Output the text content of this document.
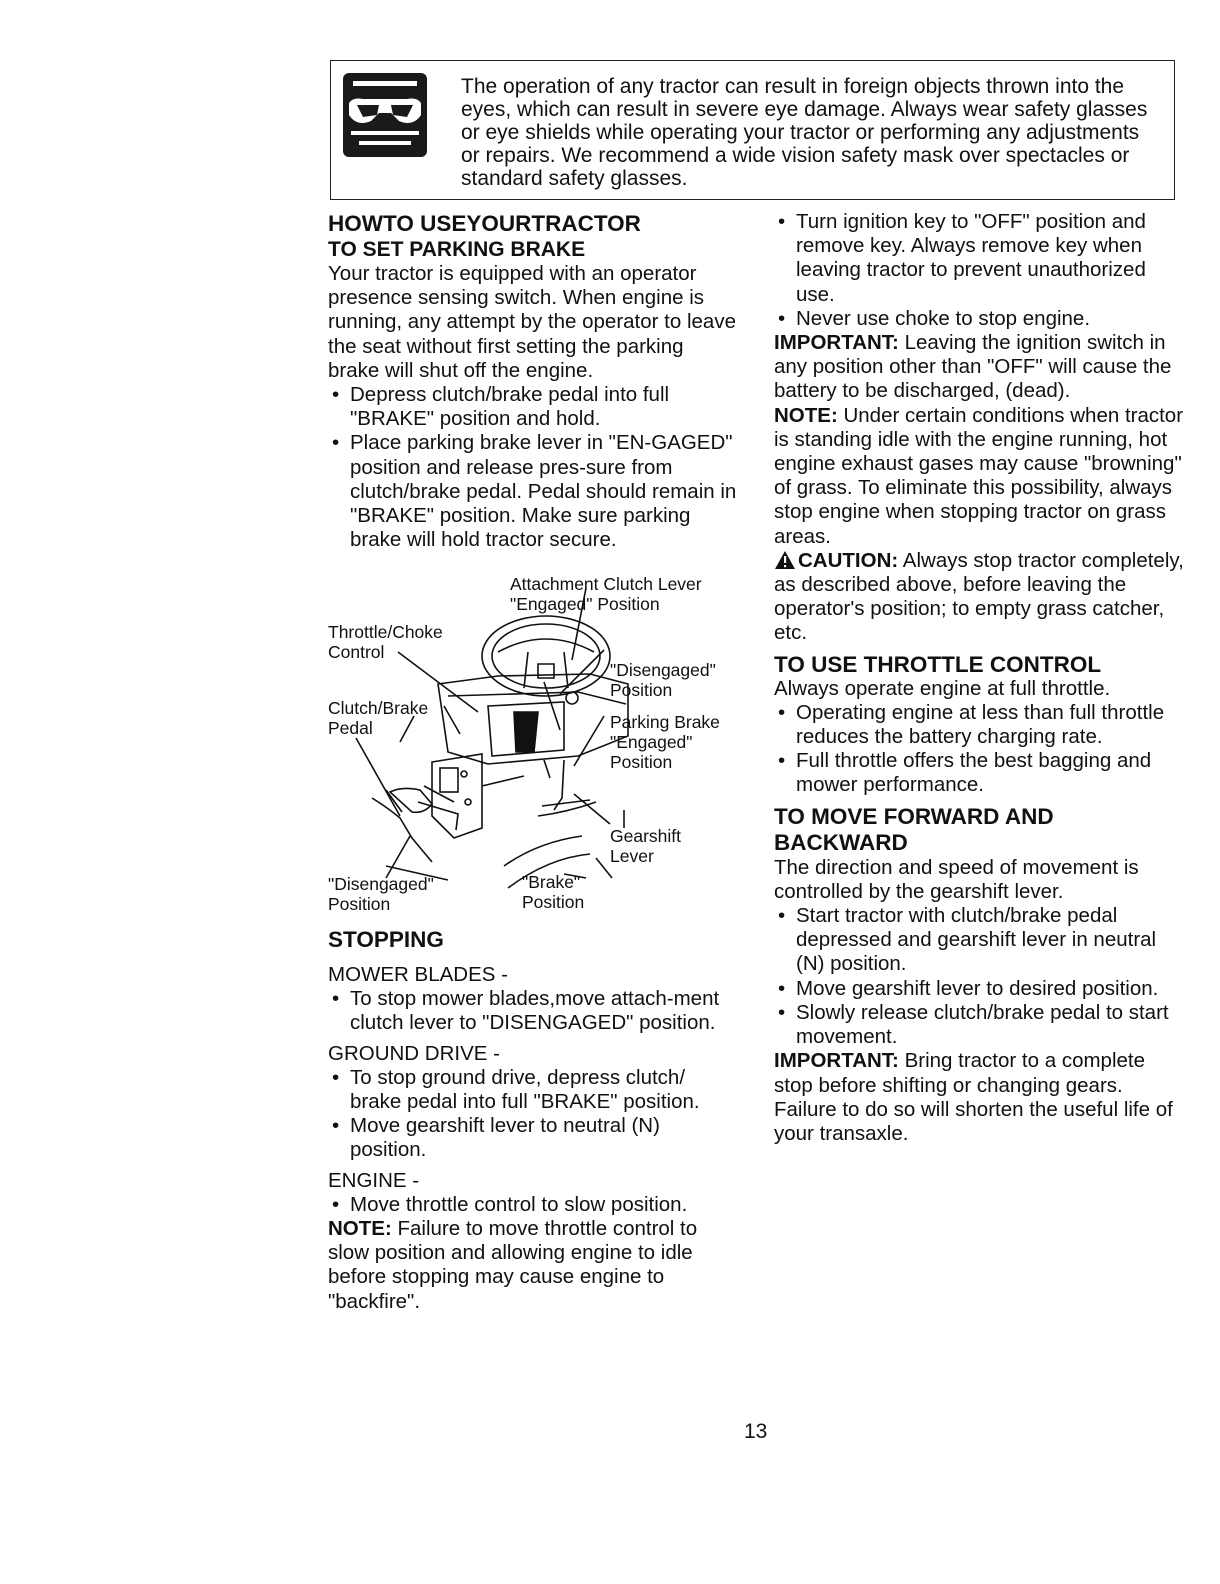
The operation of any tractor can result in foreign objects thrown into the eyes, which can result in severe eye damage. Always wear safety glasses or eye shields while operating your tractor or performing any adjustments or repairs. We recommend a wide vision safety mask over spectacles or standard safety glasses.
HOWTO USEYOURTRACTOR
TO SET PARKING BRAKE

Your tractor is equipped with an operator presence sensing switch. When engine is running, any attempt by the operator to leave the seat without first setting the parking brake will shut off the engine.

• Depress clutch/brake pedal into full "BRAKE" position and hold.
• Place parking brake lever in "EN-GAGED" position and release pres-sure from clutch/brake pedal. Pedal should remain in "BRAKE" position. Make sure parking brake will hold tractor secure.
Attachment Clutch Lever
"Engaged" Position
Throttle/Choke
Control
"Disengaged"
Position
Clutch/Brake
Pedal	Parking Brake
"Engaged"
Position
Gearshift
Lever
"Disengaged"
Position
"Brake"
Position
STOPPING

MOWER BLADES -

• To stop mower blades,move attach-ment clutch lever to "DISENGAGED" position.

GROUND DRIVE -

• To stop ground drive, depress clutch/ brake pedal into full "BRAKE" position.
• Move gearshift lever to neutral (N) position.

ENGINE -

• Move throttle control to slow position.

NOTE: Failure to move throttle control to slow position and allowing engine to idle before stopping may cause engine to "backfire".

• Turn ignition key to "OFF" position and remove key. Always remove key when leaving tractor to prevent unauthorized use.
• Never use choke to stop engine.

IMPORTANT: Leaving the ignition switch in any position other than "OFF" will cause the battery to be discharged, (dead).

NOTE: Under certain conditions when tractor is standing idle with the engine running, hot engine exhaust gases may cause "browning" of grass. To eliminate this possibility, always stop engine when stopping tractor on grass areas.

CAUTION: Always stop tractor completely, as described above, before leaving the operator's position; to empty grass catcher, etc.

TO USE THROTTLE CONTROL

Always operate engine at full throttle.

• Operating engine at less than full throttle reduces the battery charging rate.
• Full throttle offers the best bagging and mower performance.
TO MOVE FORWARD AND BACKWARD

The direction and speed of movement is controlled by the gearshift lever.

• Start tractor with clutch/brake pedal depressed and gearshift lever in neutral (N) position.
• Move gearshift lever to desired position.
• Slowly release clutch/brake pedal to start movement.

IMPORTANT: Bring tractor to a complete stop before shifting or changing gears. Failure to do so will shorten the useful life of your transaxle.

13
